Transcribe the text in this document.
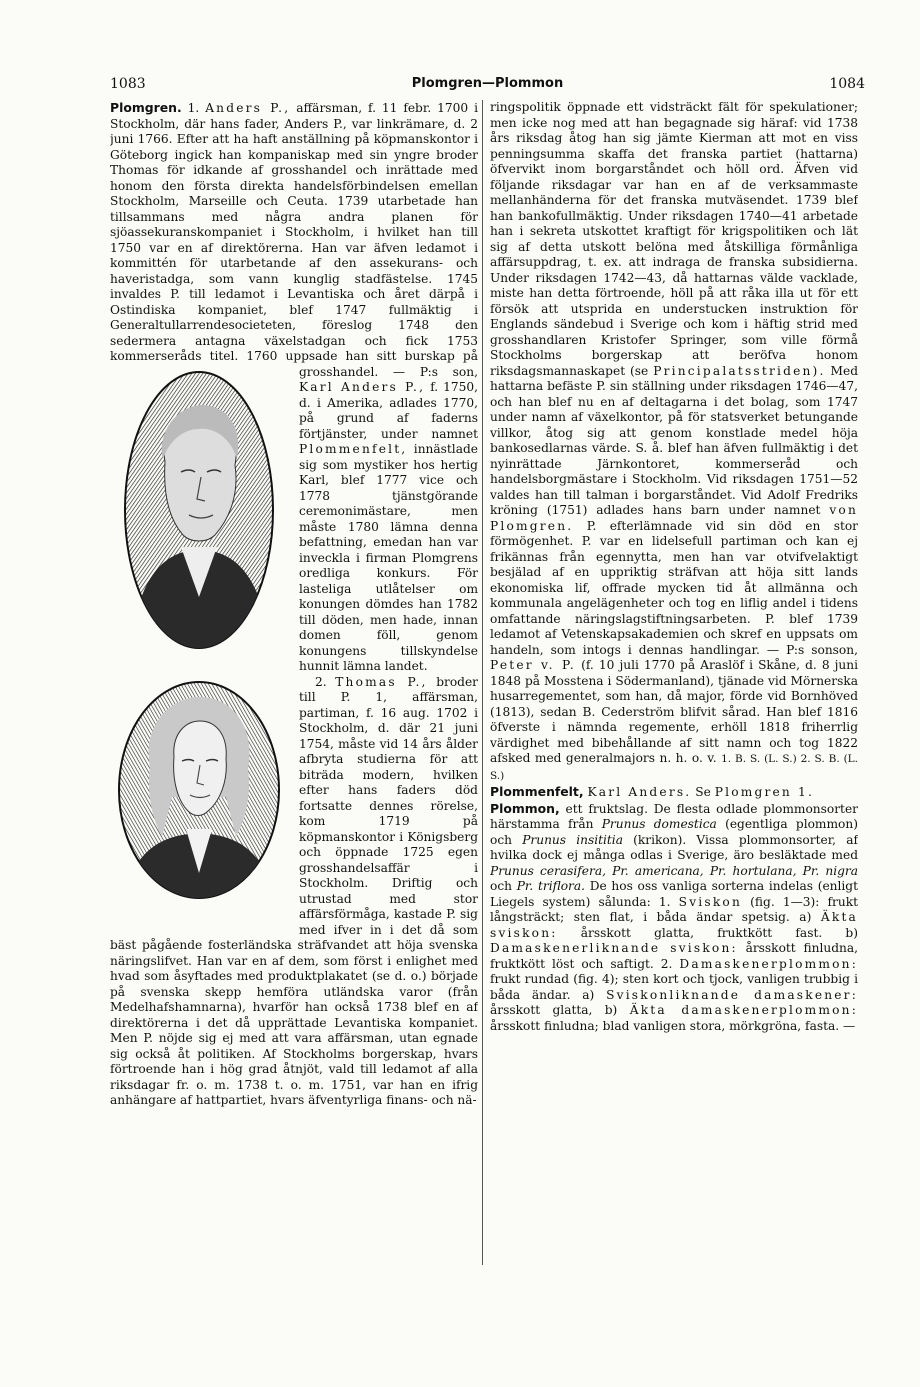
1083	Plomgren—Plommon	1084

Plomgren. 1. Anders P., affärsman, f. 11 febr. 1700 i Stockholm, där hans fader, Anders P., var linkrämare, d. 2 juni 1766. Efter att ha haft anställning på köpmanskontor i Göteborg ingick han kompaniskap med sin yngre broder Thomas för idkande af grosshandel och inrättade med honom den första direkta handelsförbindelsen emellan Stockholm, Marseille och Ceuta. 1739 utarbetade han tillsammans med några andra planen för sjöassekuranskompaniet i Stockholm, i hvilket han till 1750 var en af direktörerna. Han var äfven ledamot i kommittén för utarbetande af den assekurans- och haveristadga, som vann kunglig stadfästelse. 1745 invaldes P. till ledamot i Levantiska och året därpå i Ostindiska kompaniet, blef 1747 fullmäktig i Generaltullarrendesocieteten, föreslog 1748 den sedermera antagna växelstadgan och fick 1753 kommerseråds titel. 1760 uppsade han sitt burskap på grosshandel. — P:s son,
Karl Anders P., f. 1750, d. i Amerika, adlades 1770, på grund af faderns förtjänster, under namnet Plommenfelt, innästlade sig som mystiker hos hertig Karl, blef 1777 vice och 1778 tjänstgörande ceremonimästare, men måste 1780 lämna denna befattning, emedan han var inveckla i firman Plomgrens oredliga konkurs. För lasteliga utlåtelser om konungen dömdes han 1782 till döden, men hade, innan domen föll, genom konungens tillskyndelse hunnit lämna landet.

2. Thomas P., broder till P. 1, affärsman, partiman, f. 16 aug. 1702 i Stockholm, d. där 21 juni 1754, måste vid 14 års ålder afbryta studierna för att biträda modern, hvilken efter hans faders död fortsatte dennes rörelse, kom 1719 på köpmanskontor i Königsberg och öppnade 1725 egen grosshandelsaffär i Stockholm. Driftig och utrustad med stor affärsförmåga, kastade P. sig med ifver in i det då som bäst pågående fosterländska sträfvandet att höja svenska näringslifvet. Han var en af dem, som först i enlighet med hvad som åsyftades med produktplakatet (se d. o.) började på svenska skepp hemföra utländska varor (från Medelhafshamnarna), hvarför han också 1738 blef en af direktörerna i det då upprättade Levantiska kompaniet. Men P. nöjde sig ej med att vara affärsman, utan egnade sig också åt politiken. Af Stockholms borgerskap, hvars förtroende han i hög grad åtnjöt, vald till ledamot af alla riksdagar fr. o. m. 1738 t. o. m. 1751, var han en ifrig anhängare af hattpartiet, hvars äfventyrliga finans- och nä-

ringspolitik öppnade ett vidsträckt fält för spekulationer; men icke nog med att han begagnade sig häraf: vid 1738 års riksdag åtog han sig jämte Kierman att mot en viss penningsumma skaffa det franska partiet (hattarna) öfvervikt inom borgarståndet och höll ord. Äfven vid följande riksdagar var han en af de verksammaste mellanhänderna för det franska mutväsendet. 1739 blef han bankofullmäktig. Under riksdagen 1740—41 arbetade han i sekreta utskottet kraftigt för krigspolitiken och lät sig af detta utskott belöna med åtskilliga förmånliga affärsuppdrag, t. ex. att indraga de franska subsidierna. Under riksdagen 1742—43, då hattarnas välde vacklade, miste han detta förtroende, höll på att råka illa ut för ett försök att utsprida en understucken instruktion för Englands sändebud i Sverige och kom i häftig strid med grosshandlaren Kristofer Springer, som ville förmå Stockholms borgerskap att beröfva honom riksdagsmannaskapet (se Principalatsstriden). Med hattarna befäste P. sin ställning under riksdagen 1746—47, och han blef nu en af deltagarna i det bolag, som 1747 under namn af växelkontor, på för statsverket betungande villkor, åtog sig att genom konstlade medel höja bankosedlarnas värde. S. å. blef han äfven fullmäktig i det nyinrättade Järnkontoret, kommerseråd och handelsborgmästare i Stockholm. Vid riksdagen 1751—52 valdes han till talman i borgarståndet. Vid Adolf Fredriks kröning (1751) adlades hans barn under namnet von Plomgren. P. efterlämnade vid sin död en stor förmögenhet. P. var en lidelsefull partiman och kan ej frikännas från egennytta, men han var otvifvelaktigt besjälad af en uppriktig sträfvan att höja sitt lands ekonomiska lif, offrade mycken tid åt allmänna och kommunala angelägenheter och tog en liflig andel i tidens omfattande näringslagstiftningsarbeten. P. blef 1739 ledamot af Vetenskapsakademien och skref en uppsats om handeln, som intogs i dennas handlingar. — P:s sonson, Peter v. P. (f. 10 juli 1770 på Araslöf i Skåne, d. 8 juni 1848 på Mosstena i Södermanland), tjänade vid Mörnerska husarregementet, som han, då major, förde vid Bornhöved (1813), sedan B. Cederström blifvit sårad. Han blef 1816 öfverste i nämnda regemente, erhöll 1818 friherrlig värdighet med bibehållande af sitt namn och tog 1822 afsked med generalmajors n. h. o. v. 1. B. S. (L. S.) 2. S. B. (L. S.)

Plommenfelt, Karl Anders. Se Plomgren 1.

Plommon, ett fruktslag. De flesta odlade plommonsorter härstamma från Prunus domestica (egentliga plommon) och Prunus insititia (krikon). Vissa plommonsorter, af hvilka dock ej många odlas i Sverige, äro besläktade med Prunus cerasifera, Pr. americana, Pr. hortulana, Pr. nigra och Pr. triflora. De hos oss vanliga sorterna indelas (enligt Liegels system) sålunda: 1. Sviskon (fig. 1—3): frukt långsträckt; sten flat, i båda ändar spetsig. a) Äkta sviskon: årsskott glatta, fruktkött fast. b) Damaskenerliknande sviskon: årsskott finludna, fruktkött löst och saftigt. 2. Damaskenerplommon: frukt rundad (fig. 4); sten kort och tjock, vanligen trubbig i båda ändar. a) Sviskonliknande damaskener: årsskott glatta, b) Äkta damaskenerplommon: årsskott finludna; blad vanligen stora, mörkgröna, fasta. —
